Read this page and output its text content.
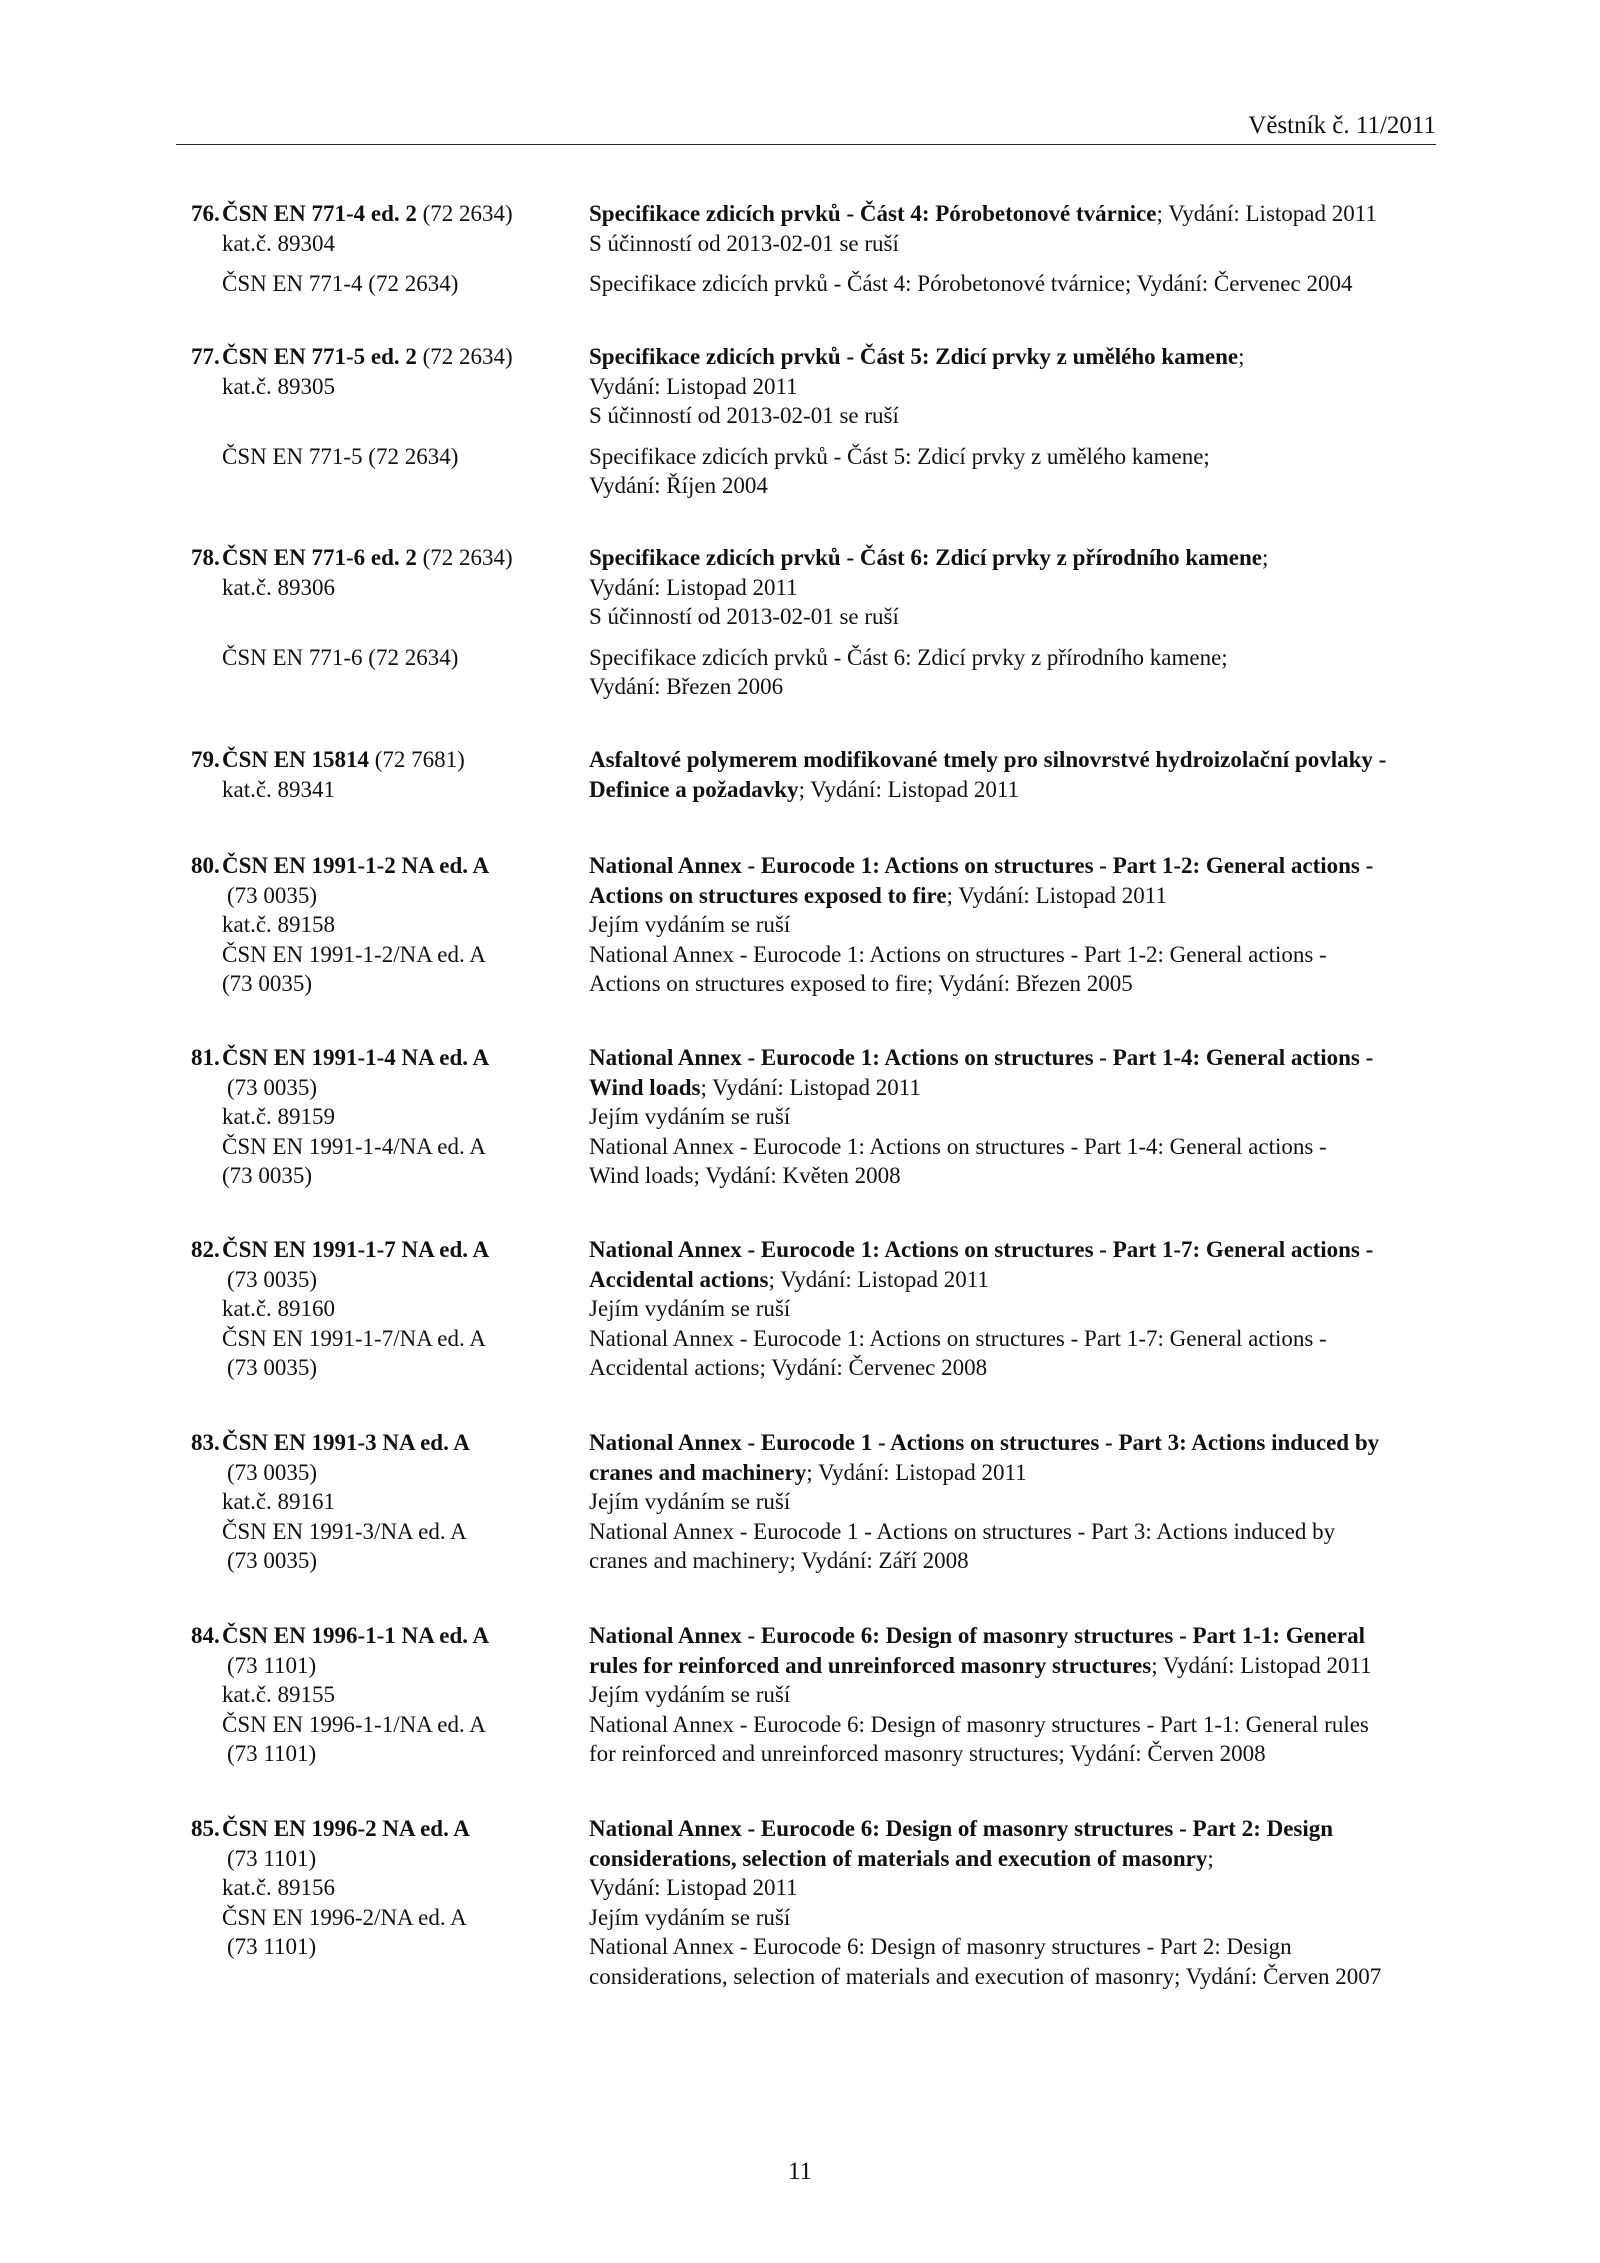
Věstník č. 11/2011
76. ČSN EN 771-4 ed. 2 (72 2634)
kat.č. 89304
ČSN EN 771-4 (72 2634)
Specifikace zdicích prvků - Část 4: Pórobetonové tvárnice; Vydání: Listopad 2011
S účinností od 2013-02-01 se ruší
Specifikace zdicích prvků - Část 4: Pórobetonové tvárnice; Vydání: Červenec 2004
77. ČSN EN 771-5 ed. 2 (72 2634)
kat.č. 89305

ČSN EN 771-5 (72 2634)
Specifikace zdicích prvků - Část 5: Zdicí prvky z umělého kamene;
Vydání: Listopad 2011
S účinností od 2013-02-01 se ruší
Specifikace zdicích prvků - Část 5: Zdicí prvky z umělého kamene;
Vydání: Říjen 2004
78. ČSN EN 771-6 ed. 2 (72 2634)
kat.č. 89306

ČSN EN 771-6 (72 2634)
Specifikace zdicích prvků - Část 6: Zdicí prvky z přírodního kamene;
Vydání: Listopad 2011
S účinností od 2013-02-01 se ruší
Specifikace zdicích prvků - Část 6: Zdicí prvky z přírodního kamene;
Vydání: Březen 2006
79. ČSN EN 15814 (72 7681)
kat.č. 89341
Asfaltové polymerem modifikované tmely pro silnovrstvé hydroizolační povlaky -
Definice a požadavky; Vydání: Listopad 2011
80. ČSN EN 1991-1-2 NA ed. A
(73 0035)
kat.č. 89158
ČSN EN 1991-1-2/NA ed. A
(73 0035)
National Annex - Eurocode 1: Actions on structures - Part 1-2: General actions -
Actions on structures exposed to fire; Vydání: Listopad 2011
Jejím vydáním se ruší
National Annex - Eurocode 1: Actions on structures - Part 1-2: General actions -
Actions on structures exposed to fire; Vydání: Březen 2005
81. ČSN EN 1991-1-4 NA ed. A
(73 0035)
kat.č. 89159
ČSN EN 1991-1-4/NA ed. A
(73 0035)
National Annex - Eurocode 1: Actions on structures - Part 1-4: General actions -
Wind loads; Vydání: Listopad 2011
Jejím vydáním se ruší
National Annex - Eurocode 1: Actions on structures - Part 1-4: General actions -
Wind loads; Vydání: Květen 2008
82. ČSN EN 1991-1-7 NA ed. A
(73 0035)
kat.č. 89160
ČSN EN 1991-1-7/NA ed. A
(73 0035)
National Annex - Eurocode 1: Actions on structures - Part 1-7: General actions -
Accidental actions; Vydání: Listopad 2011
Jejím vydáním se ruší
National Annex - Eurocode 1: Actions on structures - Part 1-7: General actions -
Accidental actions; Vydání: Červenec 2008
83. ČSN EN 1991-3 NA ed. A
(73 0035)
kat.č. 89161
ČSN EN 1991-3/NA ed. A
(73 0035)
National Annex - Eurocode 1 - Actions on structures - Part 3: Actions induced by
cranes and machinery; Vydání: Listopad 2011
Jejím vydáním se ruší
National Annex - Eurocode 1 - Actions on structures - Part 3: Actions induced by
cranes and machinery; Vydání: Září 2008
84. ČSN EN 1996-1-1 NA ed. A
(73 1101)
kat.č. 89155
ČSN EN 1996-1-1/NA ed. A
(73 1101)
National Annex - Eurocode 6: Design of masonry structures - Part 1-1: General
rules for reinforced and unreinforced masonry structures; Vydání: Listopad 2011
Jejím vydáním se ruší
National Annex - Eurocode 6: Design of masonry structures - Part 1-1: General rules
for reinforced and unreinforced masonry structures; Vydání: Červen 2008
85. ČSN EN 1996-2 NA ed. A
(73 1101)
kat.č. 89156
ČSN EN 1996-2/NA ed. A
(73 1101)
National Annex - Eurocode 6: Design of masonry structures - Part 2: Design
considerations, selection of materials and execution of masonry;
Vydání: Listopad 2011
Jejím vydáním se ruší
National Annex - Eurocode 6: Design of masonry structures - Part 2: Design
considerations, selection of materials and execution of masonry; Vydání: Červen 2007
11
